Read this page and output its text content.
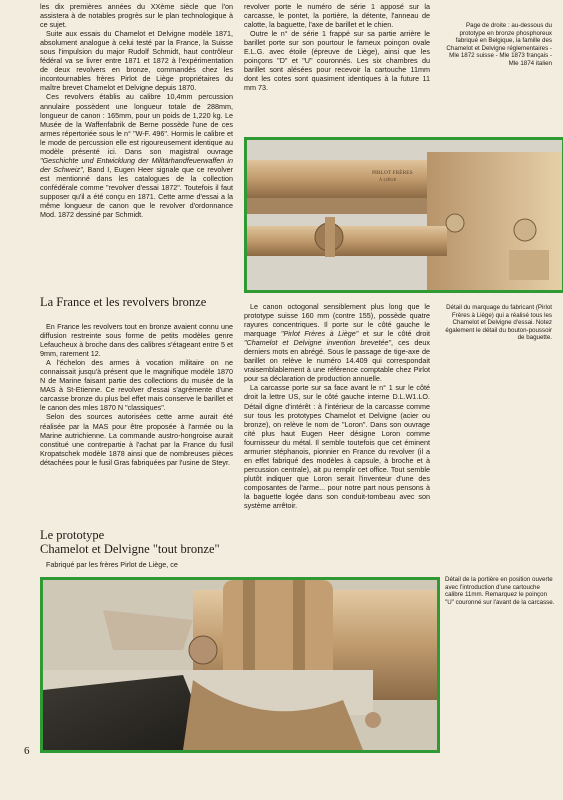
les dix premières années du XXème siècle que l'on assistera à de notables progrès sur le plan technologique à ce sujet.

Suite aux essais du Chamelot et Delvigne modèle 1871, absolument analogue à celui testé par la France, la Suisse sous l'impulsion du major Rudolf Schmidt, haut contrôleur fédéral va se livrer entre 1871 et 1872 à l'expérimentation de deux revolvers en bronze, commandés chez les incontournables frères Pirlot de Liège propriétaires du maître brevet Chamelot et Delvigne depuis 1870.

Ces revolvers établis au calibre 10,4mm percussion annulaire possèdent une longueur totale de 288mm, longueur de canon : 165mm, pour un poids de 1,220 kg. Le Musée de la Waffenfabrik de Berne possède l'une de ces armes répertoriée sous le n° "W-F. 496". Hormis le calibre et le mode de percussion elle est rigoureusement identique au modèle présenté ici. Dans son magistral ouvrage "Geschichte und Entwicklung der Militärhandfeuerwaffen in der Schweiz", Band I, Eugen Heer signale que ce revolver est mentionné dans les catalogues de la collection confédérale comme "revolver d'essai 1872". Toutefois il faut supposer qu'il a été conçu en 1871. Cette arme d'essai a la même longueur de canon que le revolver d'ordonnance Mod. 1872 dessiné par Schmidt.

La France et les revolvers bronze

En France les revolvers tout en bronze avaient connu une diffusion restreinte sous forme de petits modèles genre Lefaucheux à broche dans des calibres s'étageant entre 5 et 9mm, rarement 12.

A l'échelon des armes à vocation militaire on ne connaissait jusqu'à présent que le magnifique modèle 1870 N de Marine faisant partie des collections du musée de la MAS à St-Etienne. Ce revolver d'essai s'agrémente d'une carcasse bronze du plus bel effet mais conserve le barillet et le canon des mles 1870 N "classiques".

Selon des sources autorisées cette arme aurait été réalisée par la MAS pour être proposée à l'armée ou la Marine autrichienne. La commande austro-hongroise aurait constitué une contrepartie à l'achat par la France du fusil Kropatschek modèle 1878 ainsi que de nombreuses pièces détachées pour le fusil Gras fabriquées par l'usine de Steyr.

Le prototype
Chamelot et Delvigne "tout bronze"

Fabriqué par les frères Pirlot de Liège, ce

revolver porte le numéro de série 1 apposé sur la carcasse, le pontet, la portière, la détente, l'anneau de calotte, la baguette, l'axe de barillet et le chien.

Outre le n° de série 1 frappé sur sa partie arrière le barillet porte sur son pourtour le fameux poinçon ovale E.L.G. avec étoile (épreuve de Liège), ainsi que les poinçons "D" et "U" couronnés. Les six chambres du barillet sont alésées pour recevoir la cartouche 11mm dont les cotes sont quasiment identiques à la future 11 mm 73.

Le canon octogonal sensiblement plus long que le prototype suisse 160 mm (contre 155), possède quatre rayures concentriques. Il porte sur le côté gauche le marquage "Pirlot Frères à Liège" et sur le côté droit "Chamelot et Delvigne invention brevetée", ces deux derniers mots en abrégé. Sous le passage de tige-axe de barillet on relève le numéro 14.409 qui correspondait vraisemblablement à une référence comptable chez Pirlot pour sa déclaration de production annuelle.

La carcasse porte sur sa face avant le n° 1 sur le côté droit la lettre US, sur le côté gauche interne D.L.W1.LO. Détail digne d'intérêt : à l'intérieur de la carcasse comme sur tous les prototypes Chamelot et Delvigne (acier ou bronze), on relève le nom de "Loron". Dans son ouvrage cité plus haut Eugen Heer désigne Loron comme fournisseur du métal. Il semble toutefois que cet éminent armurier stéphanois, pionnier en France du revolver (il a en effet fabriqué des modèles à capsule, à broche et à percussion centrale), ait pu remplir cet office. Tout semble plutôt indiquer que Loron serait l'inventeur d'une des composantes de l'arme... pour notre part nous pensons à la baguette logée dans son conduit-tombeau avec son système arrêtoir.

Page de droite : au-dessous du prototype en bronze phosphoreux fabriqué en Belgique, la famille des Chamelot et Delvigne réglementaires - Mle 1872 suisse - Mle 1873 français - Mle 1874 italien
Détail du marquage du fabricant (Pirlot Frères à Liège) qui a réalisé tous les Chamelot et Delvigne d'essai. Notez également le détail du bouton-poussoir de baguette.
Détail de la portière en position ouverte avec l'introduction d'une cartouche calibre 11mm. Remarquez le poinçon "U" couronné sur l'avant de la carcasse.
PIRLOT FRÈRES
À LIÈGE
6
